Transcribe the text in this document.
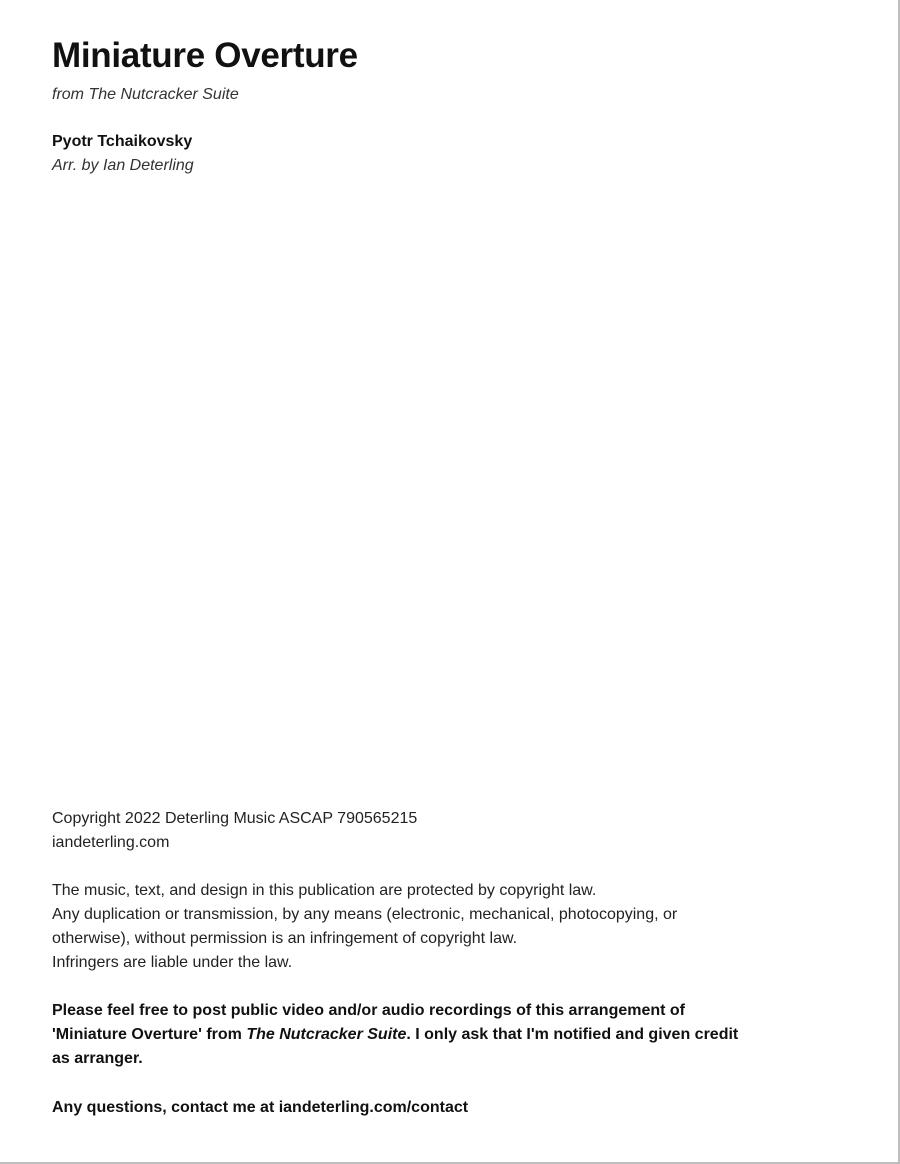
Miniature Overture
from The Nutcracker Suite
Pyotr Tchaikovsky
Arr. by Ian Deterling
Copyright 2022 Deterling Music ASCAP 790565215
iandeterling.com
The music, text, and design in this publication are protected by copyright law.
Any duplication or transmission, by any means (electronic, mechanical, photocopying, or
otherwise), without permission is an infringement of copyright law.
Infringers are liable under the law.
Please feel free to post public video and/or audio recordings of this arrangement of
'Miniature Overture' from The Nutcracker Suite. I only ask that I'm notified and given credit
as arranger.
Any questions, contact me at iandeterling.com/contact
